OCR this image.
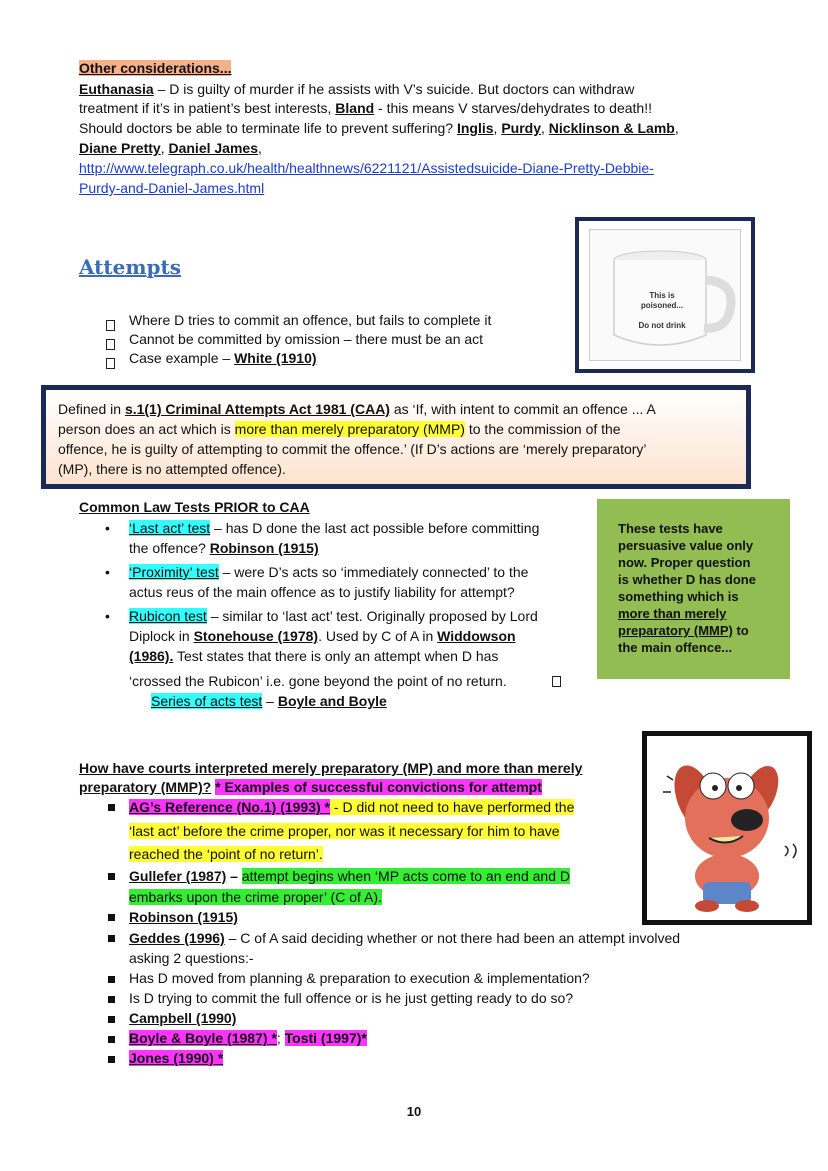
Other considerations...
Euthanasia – D is guilty of murder if he assists with V’s suicide. But doctors can withdraw
treatment if it’s in patient’s best interests, Bland - this means V starves/dehydrates to death!!
Should doctors be able to terminate life to prevent suffering? Inglis, Purdy, Nicklinson & Lamb,
Diane Pretty, Daniel James,
http://www.telegraph.co.uk/health/healthnews/6221121/Assistedsuicide-Diane-Pretty-Debbie-
Purdy-and-Daniel-James.html
Attempts
Where D tries to commit an offence, but fails to complete it
Cannot be committed by omission – there must be an act
Case example – White (1910)
This is
poisoned...
Do not drink
Defined in s.1(1) Criminal Attempts Act 1981 (CAA) as ‘If, with intent to commit an offence ... A
person does an act which is more than merely preparatory (MMP) to the commission of the
offence, he is guilty of attempting to commit the offence.’ (If D’s actions are ‘merely preparatory’
(MP), there is no attempted offence).
Common Law Tests PRIOR to CAA
• ‘Last act’ test – has D done the last act possible before committing
the offence? Robinson (1915)
• ‘Proximity’ test – were D’s acts so ‘immediately connected’ to the
actus reus of the main offence as to justify liability for attempt?
• Rubicon test – similar to ‘last act’ test. Originally proposed by Lord
Diplock in Stonehouse (1978). Used by C of A in Widdowson
(1986). Test states that there is only an attempt when D has
‘crossed the Rubicon’ i.e. gone beyond the point of no return.
Series of acts test – Boyle and Boyle
These tests have
persuasive value only
now. Proper question
is whether D has done
something which is
more than merely
preparatory (MMP) to
the main offence...
How have courts interpreted merely preparatory (MP) and more than merely
preparatory (MMP)? * Examples of successful convictions for attempt
AG’s Reference (No.1) (1993) * - D did not need to have performed the
‘last act’ before the crime proper, nor was it necessary for him to have
reached the ‘point of no return’.
Gullefer (1987) – attempt begins when ‘MP acts come to an end and D
embarks upon the crime proper’ (C of A).
Robinson (1915)
Geddes (1996) – C of A said deciding whether or not there had been an attempt involved
asking 2 questions:-
Has D moved from planning & preparation to execution & implementation?
Is D trying to commit the full offence or is he just getting ready to do so?
Campbell (1990)
Boyle & Boyle (1987) *; Tosti (1997)*
Jones (1990) *
10
